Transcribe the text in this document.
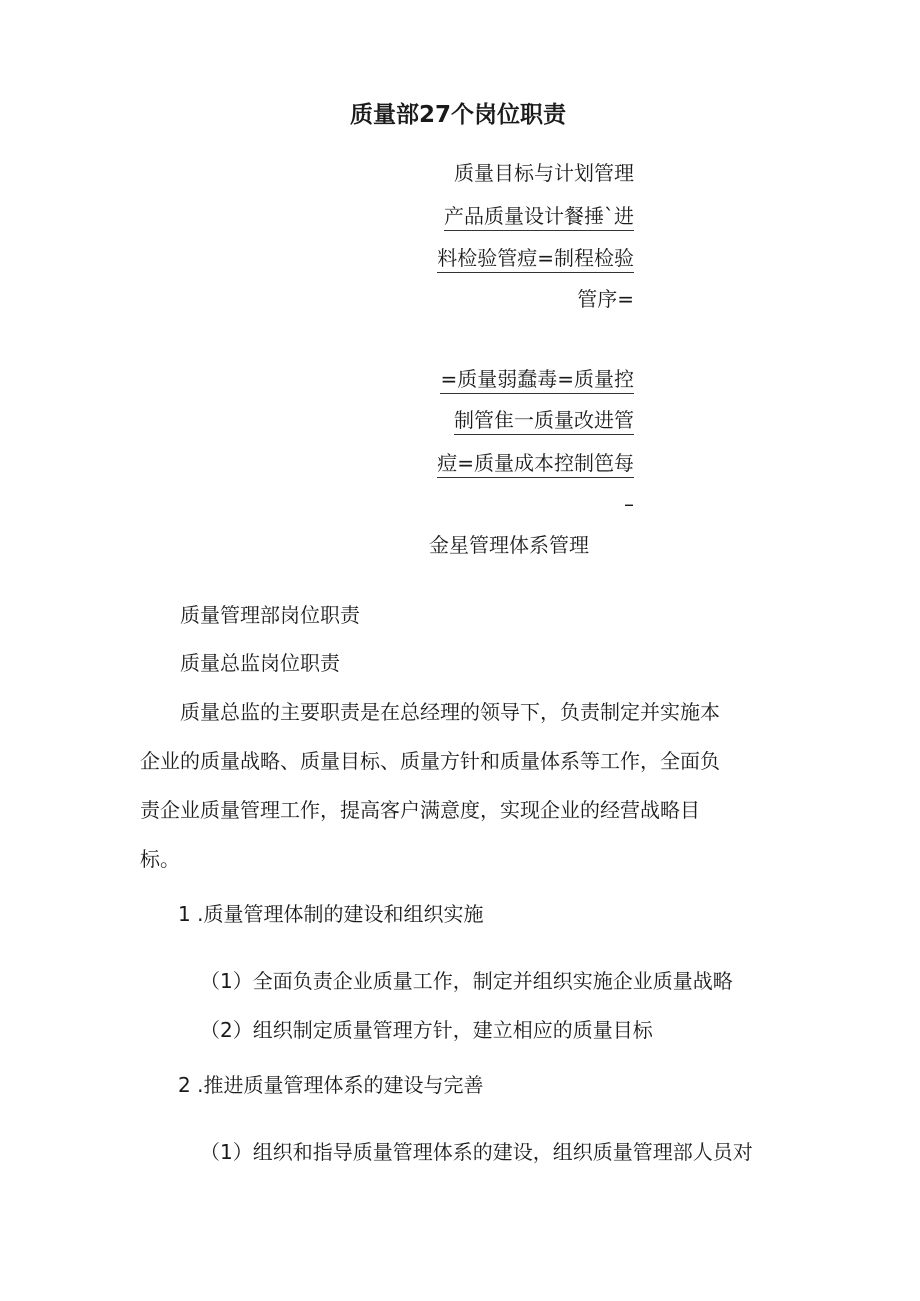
质量部27个岗位职责
质量目标与计划管理
产品质量设计餐捶`进
料检验管痘=制程检验
管序=
=质量弱蠢毒=质量控
制管隹一质量改进管
痘=质量成本控制笆每
–
金星管理体系管理
质量管理部岗位职责
质量总监岗位职责
质量总监的主要职责是在总经理的领导下，负责制定并实施本
企业的质量战略、质量目标、质量方针和质量体系等工作，全面负
责企业质量管理工作，提高客户满意度，实现企业的经营战略目
标。
1 .质量管理体制的建设和组织实施
（1）全面负责企业质量工作，制定并组织实施企业质量战略
（2）组织制定质量管理方针，建立相应的质量目标
2 .推进质量管理体系的建设与完善
（1）组织和指导质量管理体系的建设，组织质量管理部人员对
